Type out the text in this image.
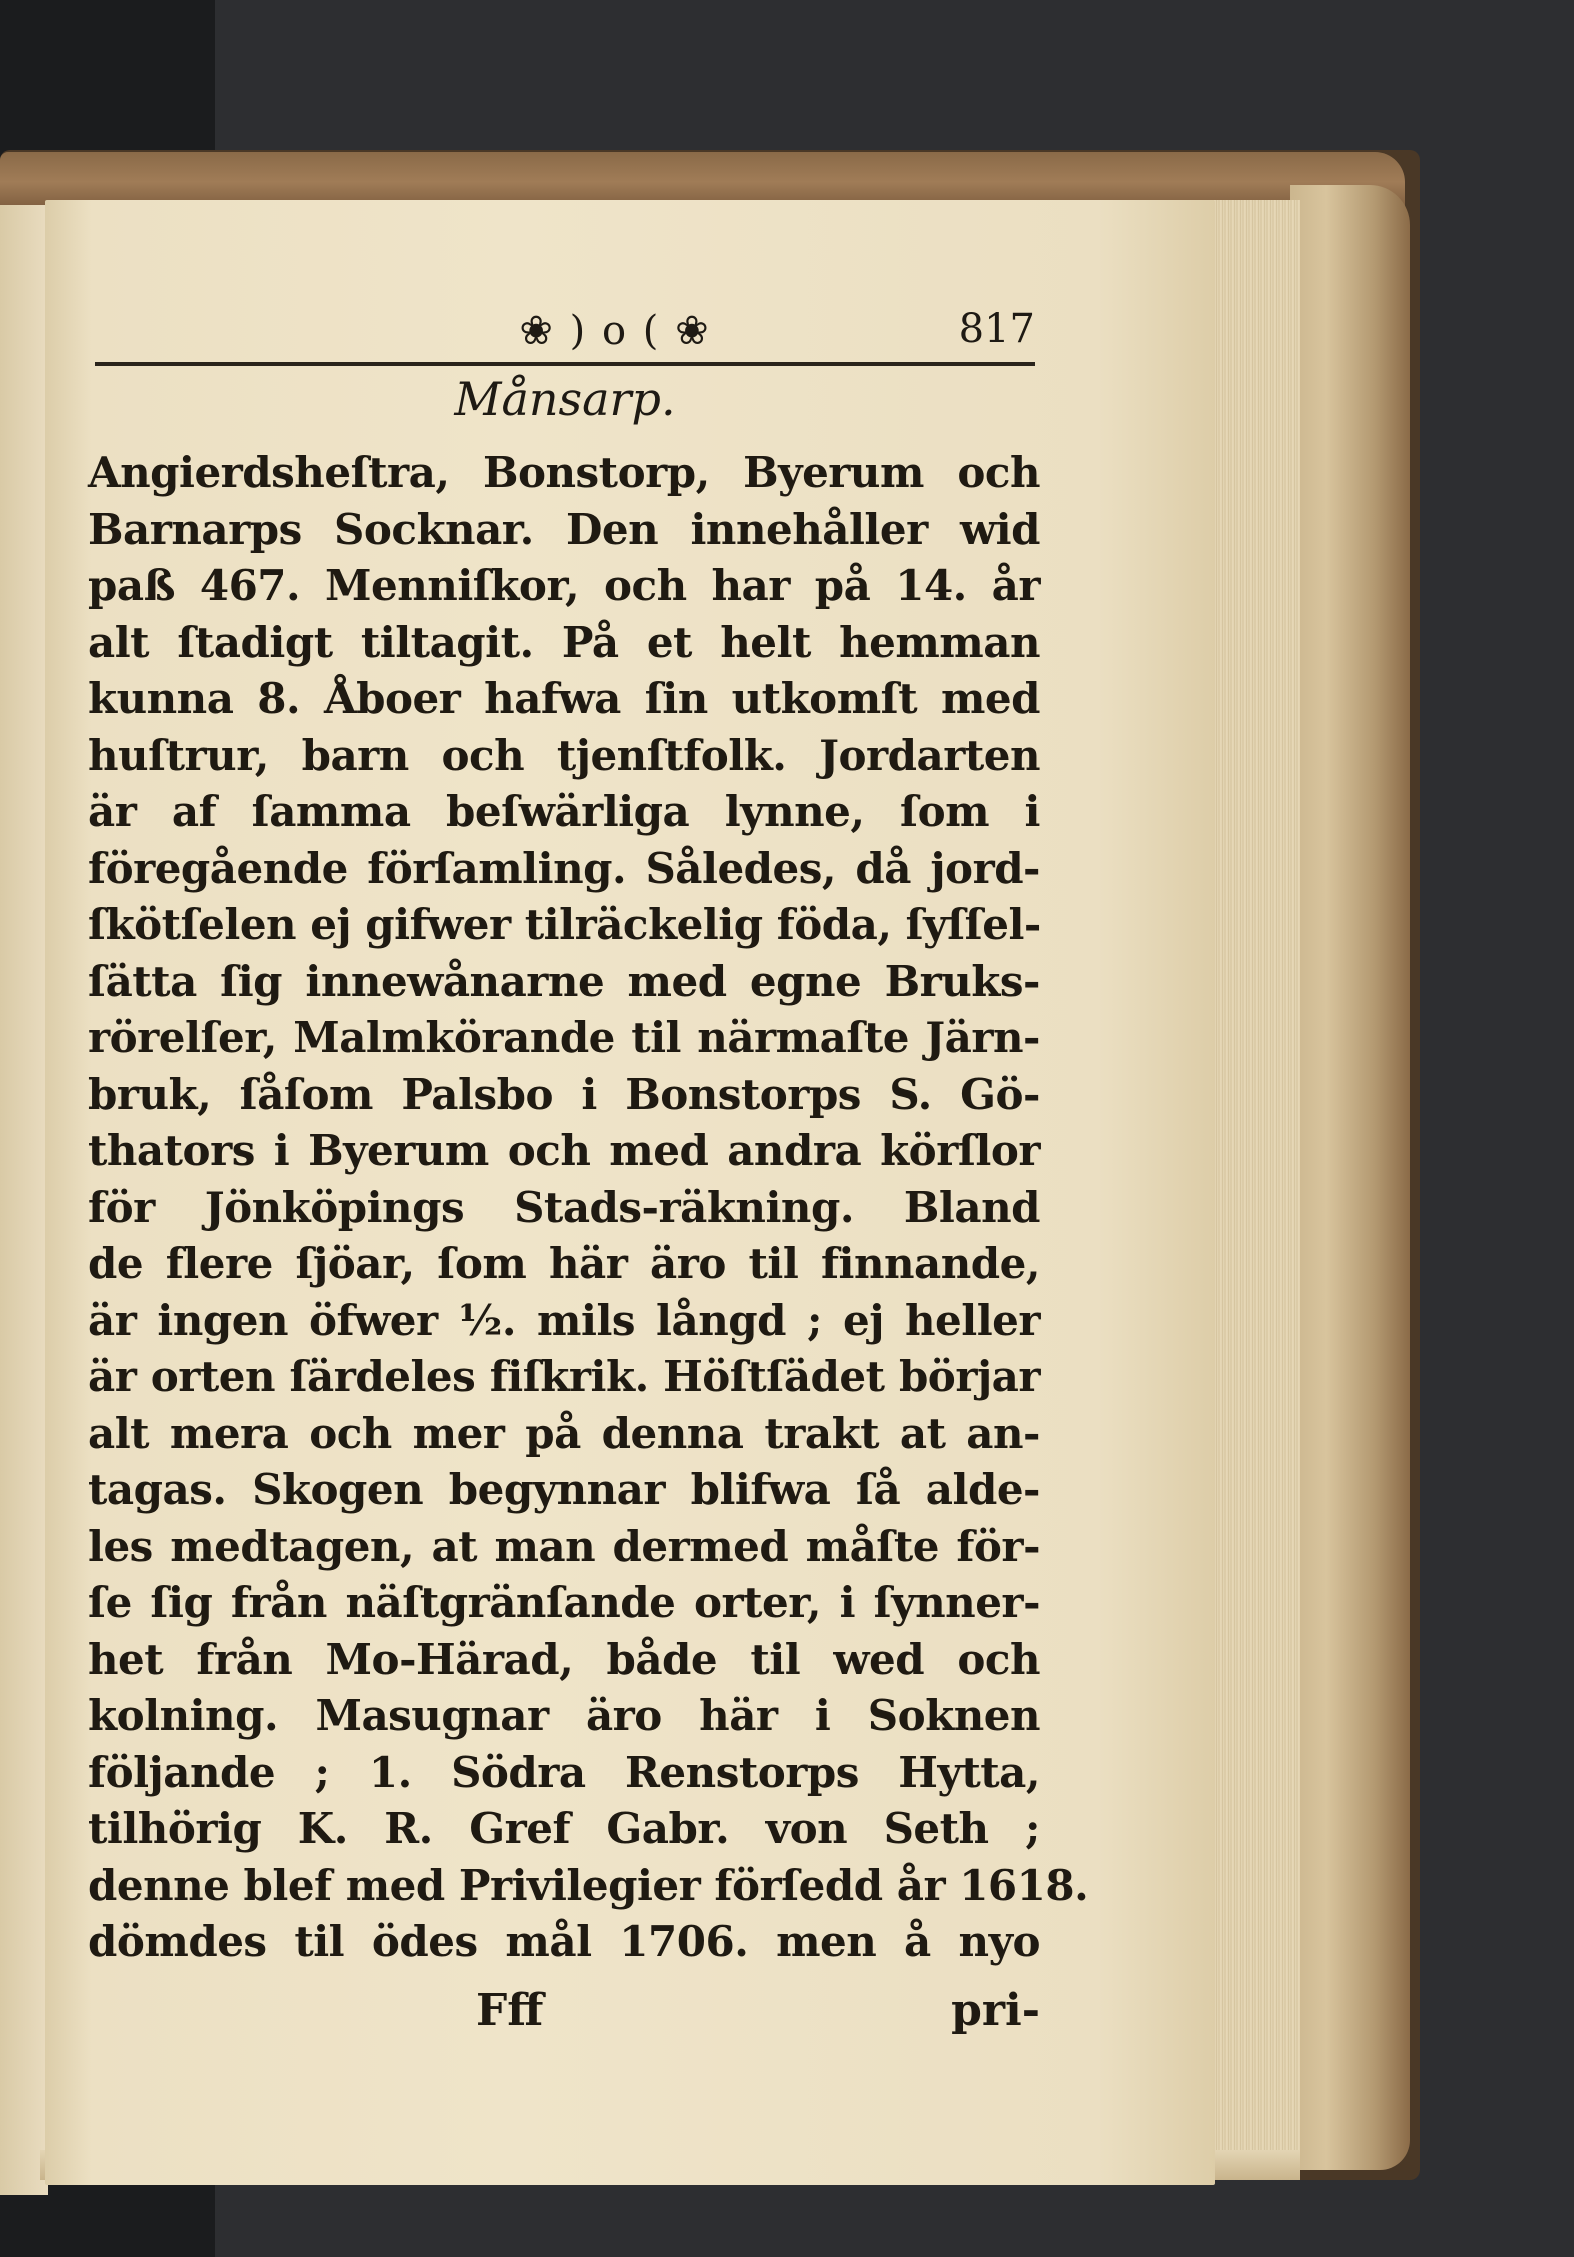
❀ ) o ( ❀	817
Månsarp.
Angierdsheſtra, Bonstorp, Byerum och
Barnarps Socknar. Den innehåller wid
paß 467. Menniſkor, och har på 14. år
alt ſtadigt tiltagit. På et helt hemman
kunna 8. Åboer hafwa ſin utkomſt med
huſtrur, barn och tjenſtfolk. Jordarten
är af ſamma beſwärliga lynne, ſom i
föregående förſamling. Således, då jord-
ſkötſelen ej gifwer tilräckelig föda, ſyſſel-
ſätta ſig innewånarne med egne Bruks-
rörelſer, Malmkörande til närmaſte Järn-
bruk, ſåſom Palsbo i Bonstorps S. Gö-
thators i Byerum och med andra körſlor
för Jönköpings Stads-räkning. Bland
de flere ſjöar, ſom här äro til finnande,
är ingen öfwer ½. mils långd ; ej heller
är orten ſärdeles fiſkrik. Höſtſädet börjar
alt mera och mer på denna trakt at an-
tagas. Skogen begynnar blifwa ſå alde-
les medtagen, at man dermed måſte för-
ſe ſig från näſtgränſande orter, i ſynner-
het från Mo-Härad, både til wed och
kolning. Masugnar äro här i Soknen
följande ; 1. Södra Renstorps Hytta,
tilhörig K. R. Gref Gabr. von Seth ;
denne blef med Privilegier förſedd år 1618.
dömdes til ödes mål 1706. men å nyo
Fff	pri-
